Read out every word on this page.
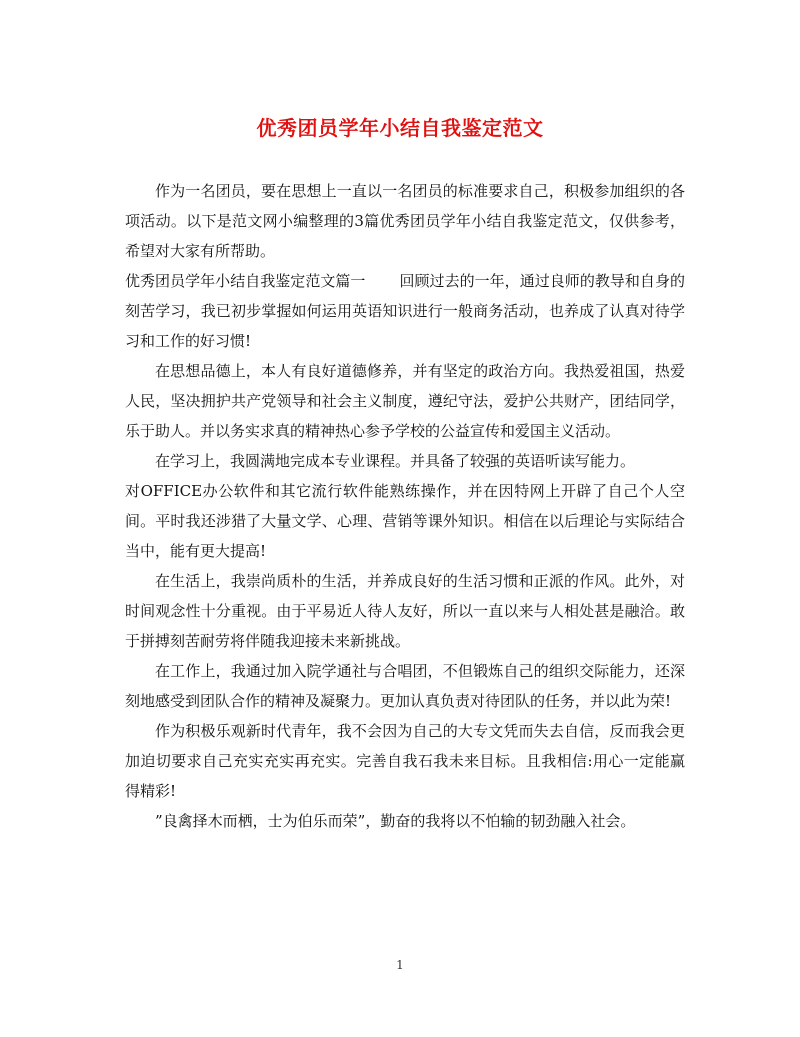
优秀团员学年小结自我鉴定范文

作为一名团员，要在思想上一直以一名团员的标准要求自己，积极参加组织的各项活动。以下是范文网小编整理的3篇优秀团员学年小结自我鉴定范文，仅供参考，希望对大家有所帮助。

优秀团员学年小结自我鉴定范文篇一 回顾过去的一年，通过良师的教导和自身的刻苦学习，我已初步掌握如何运用英语知识进行一般商务活动，也养成了认真对待学习和工作的好习惯!

在思想品德上，本人有良好道德修养，并有坚定的政治方向。我热爱祖国，热爱人民，坚决拥护共产党领导和社会主义制度，遵纪守法，爱护公共财产，团结同学，乐于助人。并以务实求真的精神热心参予学校的公益宣传和爱国主义活动。

在学习上，我圆满地完成本专业课程。并具备了较强的英语听读写能力。

对OFFICE办公软件和其它流行软件能熟练操作，并在因特网上开辟了自己个人空间。平时我还涉猎了大量文学、心理、营销等课外知识。相信在以后理论与实际结合当中，能有更大提高!

在生活上，我崇尚质朴的生活，并养成良好的生活习惯和正派的作风。此外，对时间观念性十分重视。由于平易近人待人友好，所以一直以来与人相处甚是融洽。敢于拼搏刻苦耐劳将伴随我迎接未来新挑战。

在工作上，我通过加入院学通社与合唱团，不但锻炼自己的组织交际能力，还深刻地感受到团队合作的精神及凝聚力。更加认真负责对待团队的任务，并以此为荣!

作为积极乐观新时代青年，我不会因为自己的大专文凭而失去自信，反而我会更加迫切要求自己充实充实再充实。完善自我石我未来目标。且我相信:用心一定能赢得精彩!

”良禽择木而栖，士为伯乐而荣”，勤奋的我将以不怕输的韧劲融入社会。

1
